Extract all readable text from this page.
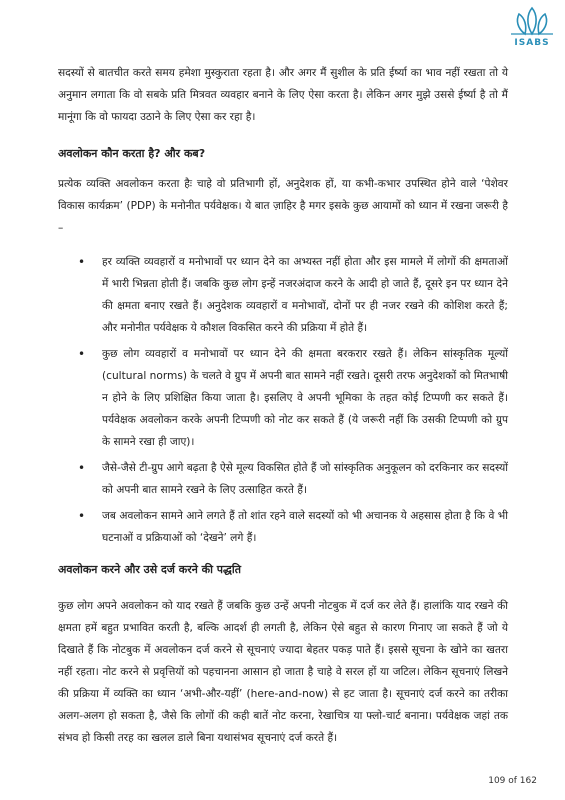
ISABS

सदस्यों से बातचीत करते समय हमेशा मुस्कुराता रहता है। और अगर मैं सुशील के प्रति ईर्ष्या का भाव नहीं रखता तो ये अनुमान लगाता कि वो सबके प्रति मित्रवत व्यवहार बनाने के लिए ऐसा करता है। लेकिन अगर मुझे उससे ईर्ष्या है तो मैं मानूंगा कि वो फायदा उठाने के लिए ऐसा कर रहा है।

अवलोकन कौन करता है? और कब?

प्रत्येक व्यक्ति अवलोकन करता हैः चाहे वो प्रतिभागी हों, अनुदेशक हों, या कभी-कभार उपस्थित होने वाले ‘पेशेवर विकास कार्यक्रम’ (PDP) के मनोनीत पर्यवेक्षक। ये बात ज़ाहिर है मगर इसके कुछ आयामों को ध्यान में रखना जरूरी है –

• हर व्यक्ति व्यवहारों व मनोभावों पर ध्यान देने का अभ्यस्त नहीं होता और इस मामले में लोगों की क्षमताओं में भारी भिन्नता होती हैं। जबकि कुछ लोग इन्हें नजरअंदाज करने के आदी हो जाते हैं, दूसरे इन पर ध्यान देने की क्षमता बनाए रखते हैं। अनुदेशक व्यवहारों व मनोभावों, दोनों पर ही नजर रखने की कोशिश करते हैं; और मनोनीत पर्यवेक्षक ये कौशल विकसित करने की प्रक्रिया में होते हैं।
• कुछ लोग व्यवहारों व मनोभावों पर ध्यान देने की क्षमता बरकरार रखते हैं। लेकिन सांस्कृतिक मूल्यों (cultural norms) के चलते वे ग्रुप में अपनी बात सामने नहीं रखते। दूसरी तरफ अनुदेशकों को मितभाषी न होने के लिए प्रशिक्षित किया जाता है। इसलिए वे अपनी भूमिका के तहत कोई टिप्पणी कर सकते हैं। पर्यवेक्षक अवलोकन करके अपनी टिप्पणी को नोट कर सकते हैं (ये जरूरी नहीं कि उसकी टिप्पणी को ग्रुप के सामने रखा ही जाए)।
• जैसे-जैसे टी-ग्रुप आगे बढ़ता है ऐसे मूल्य विकसित होते हैं जो सांस्कृतिक अनुकूलन को दरकिनार कर सदस्यों को अपनी बात सामने रखने के लिए उत्साहित करते हैं।
• जब अवलोकन सामने आने लगते हैं तो शांत रहने वाले सदस्यों को भी अचानक ये अहसास होता है कि वे भी घटनाओं व प्रक्रियाओं को ‘देखने’ लगे हैं।
अवलोकन करने और उसे दर्ज करने की पद्धति

कुछ लोग अपने अवलोकन को याद रखते हैं जबकि कुछ उन्हें अपनी नोटबुक में दर्ज कर लेते हैं। हालांकि याद रखने की क्षमता हमें बहुत प्रभावित करती है, बल्कि आदर्श ही लगती है, लेकिन ऐसे बहुत से कारण गिनाए जा सकते हैं जो ये दिखाते हैं कि नोटबुक में अवलोकन दर्ज करने से सूचनाएं ज्यादा बेहतर पकड़ पाते हैं। इससे सूचना के खोने का खतरा नहीं रहता। नोट करने से प्रवृत्तियों को पहचानना आसान हो जाता है चाहे वे सरल हों या जटिल। लेकिन सूचनाएं लिखने की प्रक्रिया में व्यक्ति का ध्यान ‘अभी-और-यहीं’ (here-and-now) से हट जाता है। सूचनाएं दर्ज करने का तरीका अलग-अलग हो सकता है, जैसे कि लोगों की कही बातें नोट करना, रेखाचित्र या फ्लो-चार्ट बनाना। पर्यवेक्षक जहां तक संभव हो किसी तरह का खलल डाले बिना यथासंभव सूचनाएं दर्ज करते हैं।

109 of 162
